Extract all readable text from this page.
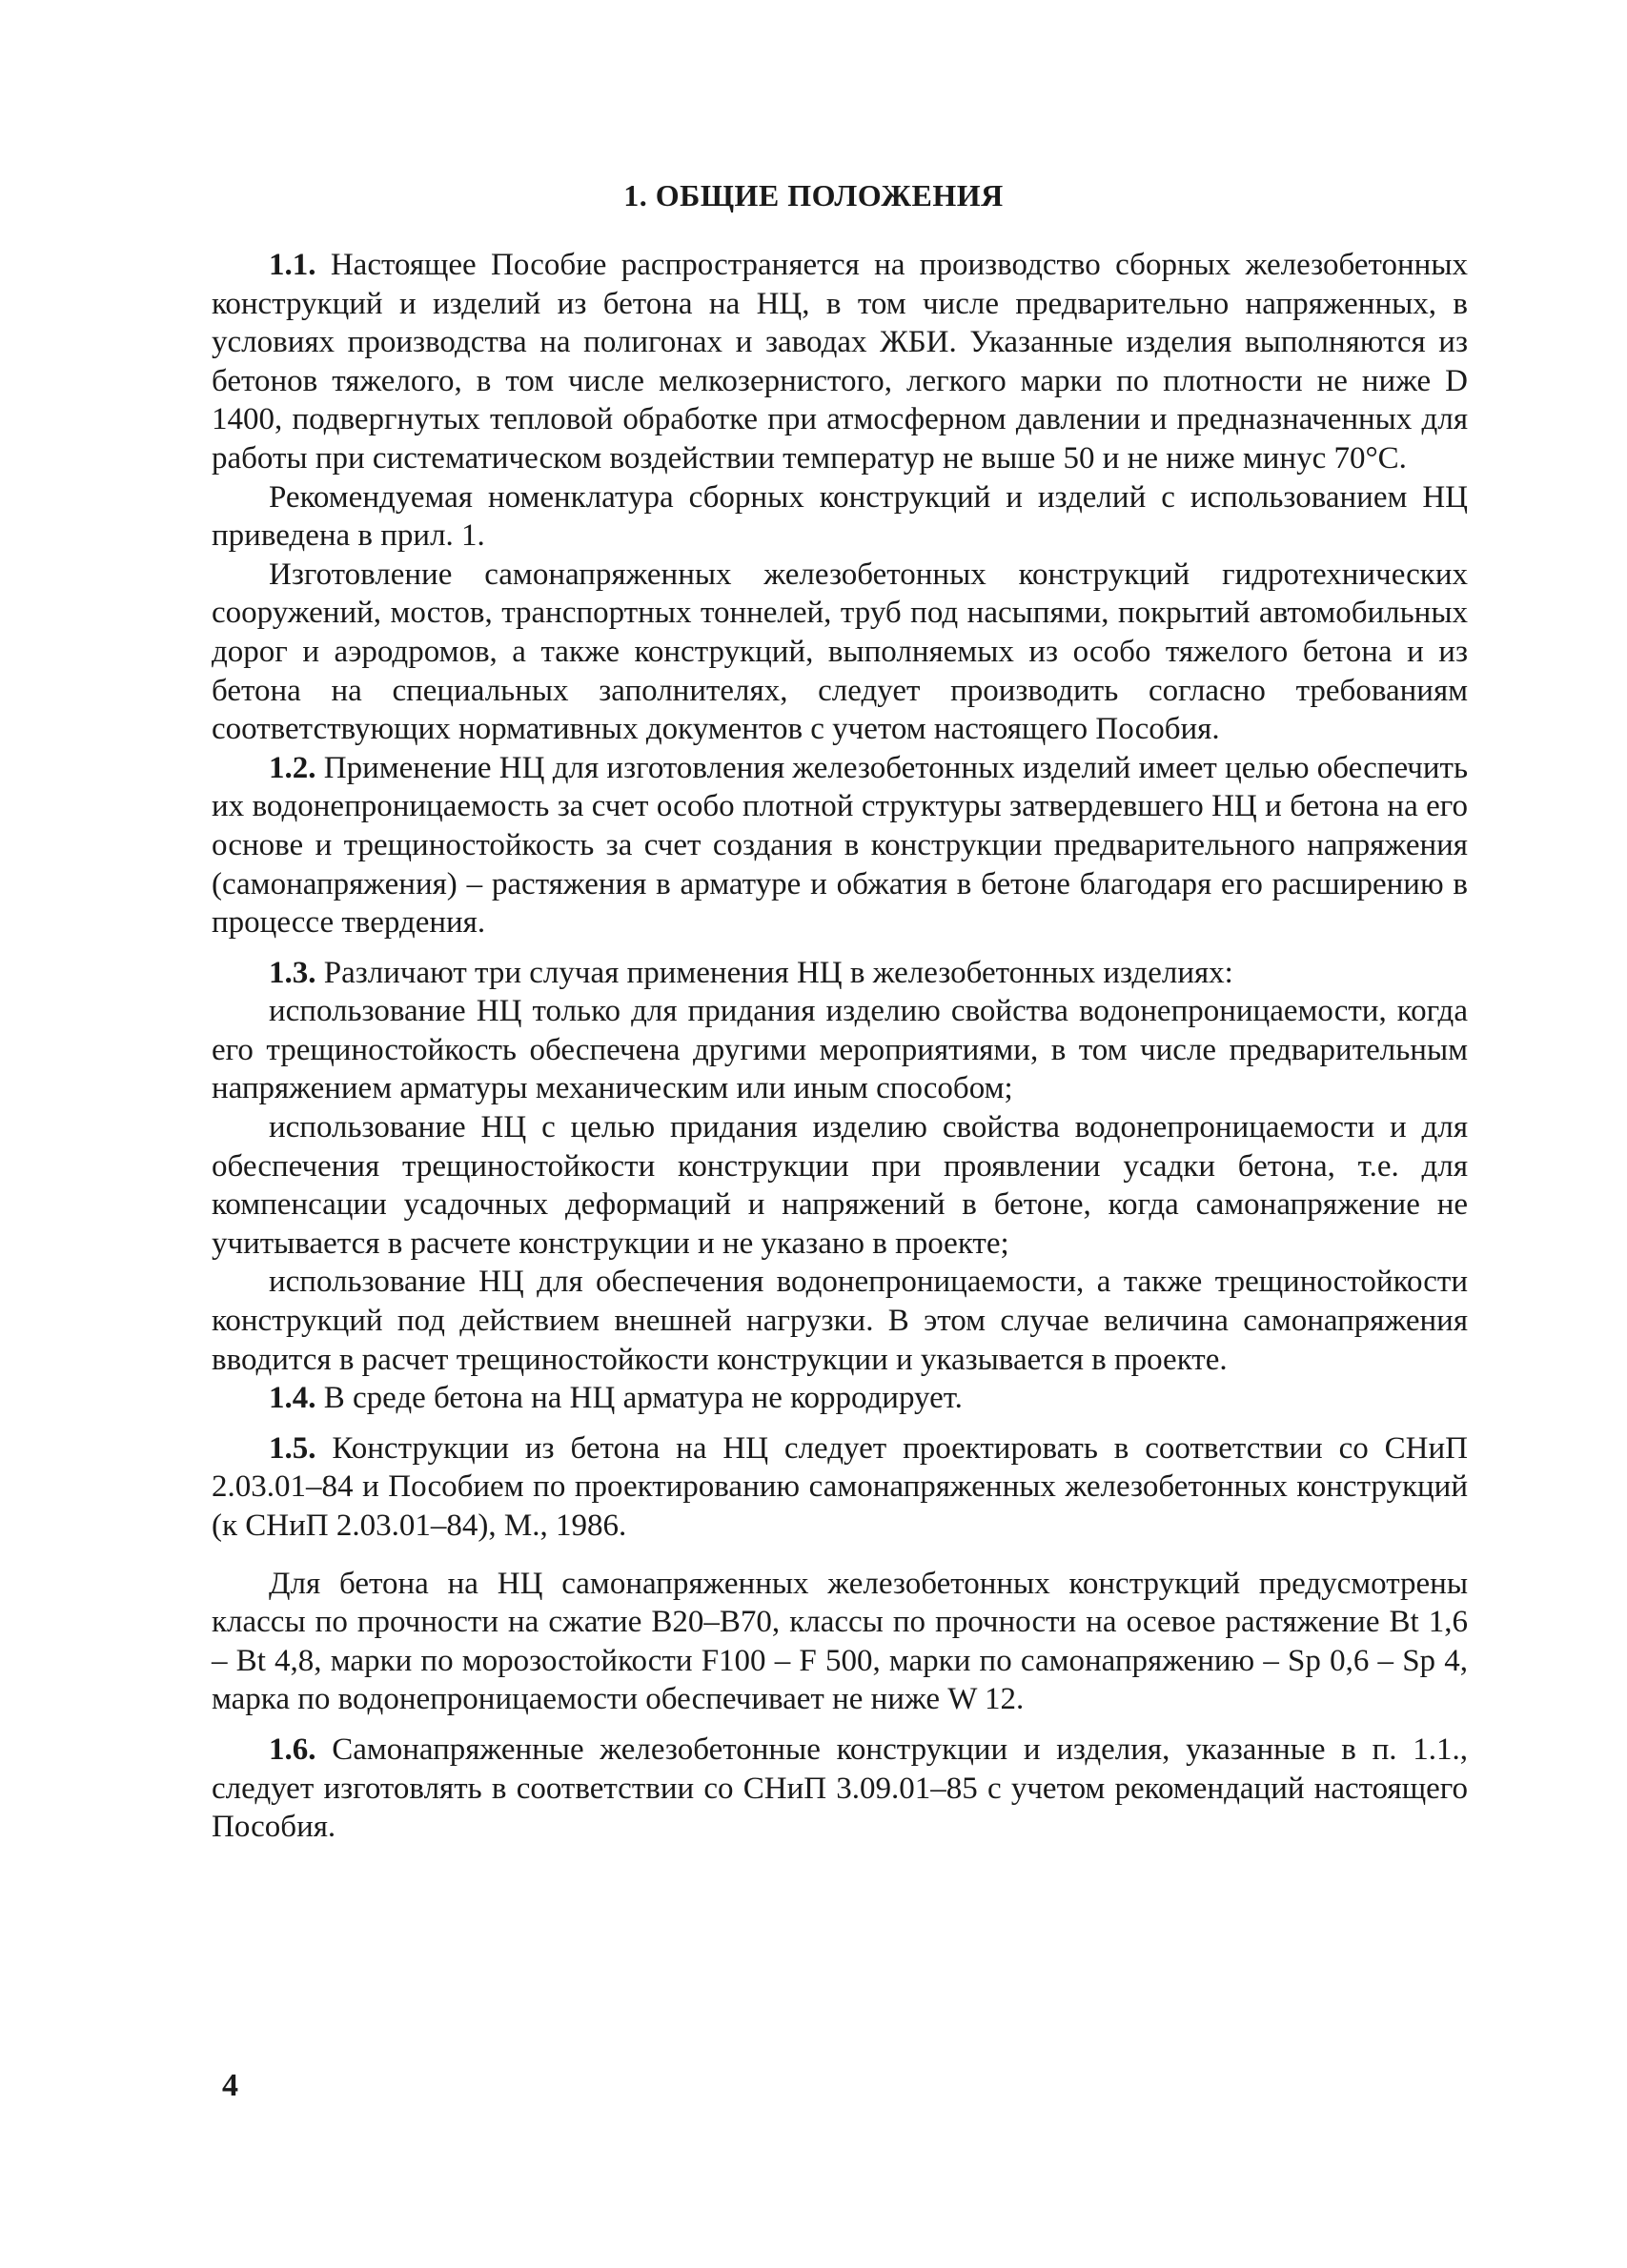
1. ОБЩИЕ ПОЛОЖЕНИЯ

1.1. Настоящее Пособие распространяется на производство сборных железобетонных конструкций и изделий из бетона на НЦ, в том числе предварительно напряженных, в условиях производства на полигонах и заводах ЖБИ. Указанные изделия выполняются из бетонов тяжелого, в том числе мелкозернистого, легкого марки по плотности не ниже D 1400, подвергнутых тепловой обработке при атмосферном давлении и предназначенных для работы при систематическом воздействии температур не выше 50 и не ниже минус 70°С.

Рекомендуемая номенклатура сборных конструкций и изделий с использованием НЦ приведена в прил. 1.

Изготовление самонапряженных железобетонных конструкций гидротехнических сооружений, мостов, транспортных тоннелей, труб под насыпями, покрытий автомобильных дорог и аэродромов, а также конструкций, выполняемых из особо тяжелого бетона и из бетона на специальных заполнителях, следует производить согласно требованиям соответствующих нормативных документов с учетом настоящего Пособия.

1.2. Применение НЦ для изготовления железобетонных изделий имеет целью обеспечить их водонепроницаемость за счет особо плотной структуры затвердевшего НЦ и бетона на его основе и трещиностойкость за счет создания в конструкции предварительного напряжения (самонапряжения) – растяжения в арматуре и обжатия в бетоне благодаря его расширению в процессе твердения.

1.3. Различают три случая применения НЦ в железобетонных изделиях:

использование НЦ только для придания изделию свойства водонепроницаемости, когда его трещиностойкость обеспечена другими мероприятиями, в том числе предварительным напряжением арматуры механическим или иным способом;

использование НЦ с целью придания изделию свойства водонепроницаемости и для обеспечения трещиностойкости конструкции при проявлении усадки бетона, т.е. для компенсации усадочных деформаций и напряжений в бетоне, когда самонапряжение не учитывается в расчете конструкции и не указано в проекте;

использование НЦ для обеспечения водонепроницаемости, а также трещиностойкости конструкций под действием внешней нагрузки. В этом случае величина самонапряжения вводится в расчет трещиностойкости конструкции и указывается в проекте.

1.4. В среде бетона на НЦ арматура не корродирует.

1.5. Конструкции из бетона на НЦ следует проектировать в соответствии со СНиП 2.03.01–84 и Пособием по проектированию самонапряженных железобетонных конструкций (к СНиП 2.03.01–84), М., 1986.

Для бетона на НЦ самонапряженных железобетонных конструкций предусмотрены классы по прочности на сжатие B20–B70, классы по прочности на осевое растяжение Bt 1,6 – Bt 4,8, марки по морозостойкости F100 – F 500, марки по самонапряжению – Sp 0,6 – Sp 4, марка по водонепроницаемости обеспечивает не ниже W 12.

1.6. Самонапряженные железобетонные конструкции и изделия, указанные в п. 1.1., следует изготовлять в соответствии со СНиП 3.09.01–85 с учетом рекомендаций настоящего Пособия.

4
